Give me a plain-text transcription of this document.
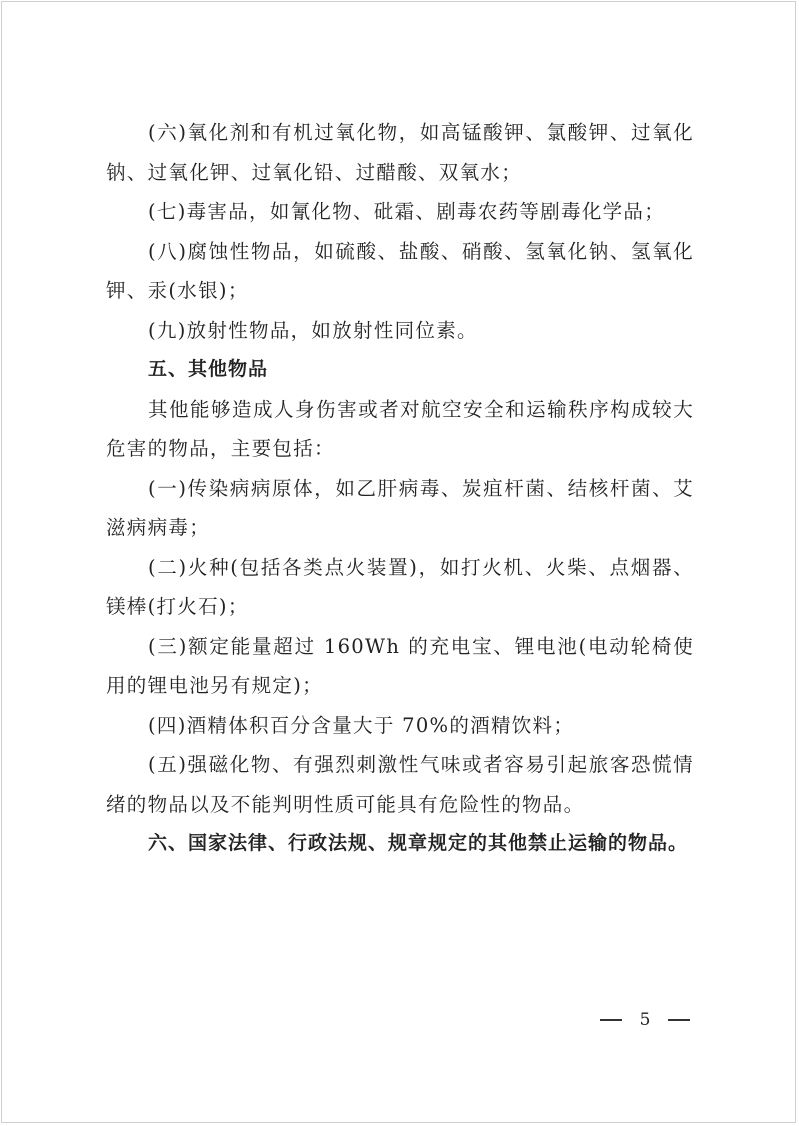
(六)氧化剂和有机过氧化物，如高锰酸钾、氯酸钾、过氧化钠、过氧化钾、过氧化铅、过醋酸、双氧水；

(七)毒害品，如氰化物、砒霜、剧毒农药等剧毒化学品；

(八)腐蚀性物品，如硫酸、盐酸、硝酸、氢氧化钠、氢氧化钾、汞(水银)；

(九)放射性物品，如放射性同位素。

五、其他物品

其他能够造成人身伤害或者对航空安全和运输秩序构成较大危害的物品，主要包括：

(一)传染病病原体，如乙肝病毒、炭疽杆菌、结核杆菌、艾滋病病毒；

(二)火种(包括各类点火装置)，如打火机、火柴、点烟器、镁棒(打火石)；

(三)额定能量超过 160Wh 的充电宝、锂电池(电动轮椅使用的锂电池另有规定)；

(四)酒精体积百分含量大于 70%的酒精饮料；

(五)强磁化物、有强烈刺激性气味或者容易引起旅客恐慌情绪的物品以及不能判明性质可能具有危险性的物品。

六、国家法律、行政法规、规章规定的其他禁止运输的物品。

5
